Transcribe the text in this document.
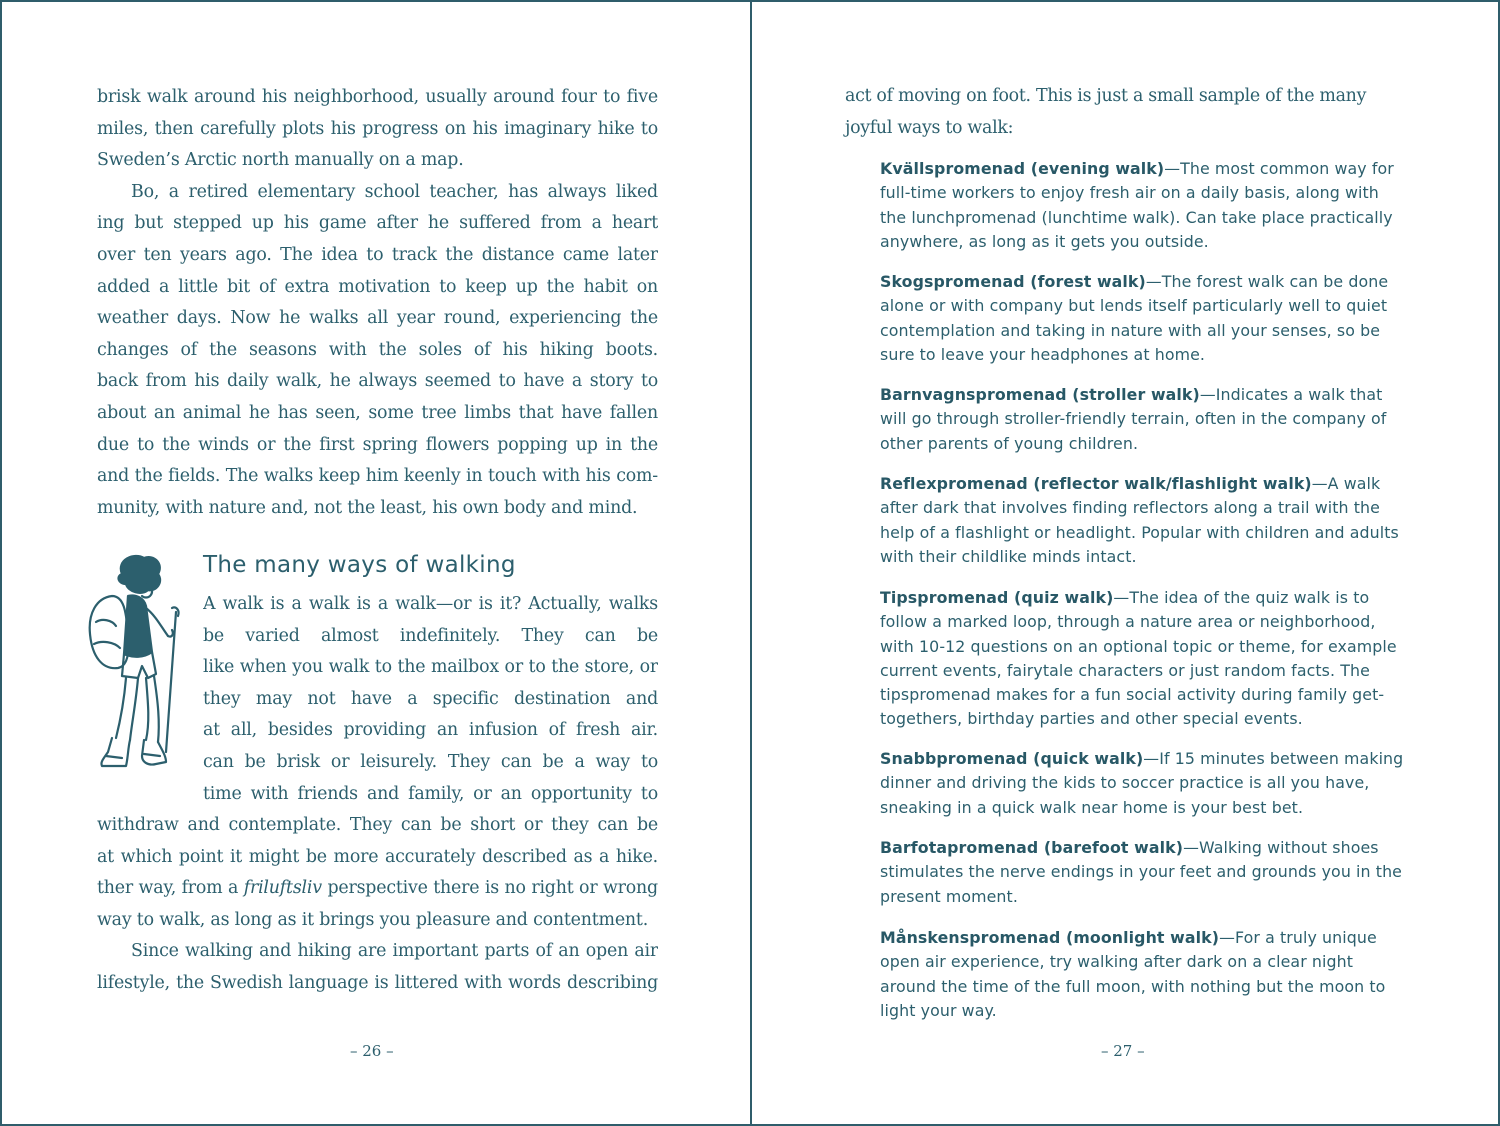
brisk walk around his neighborhood, usually around four to five
miles, then carefully plots his progress on his imaginary hike to
Sweden’s Arctic north manually on a map.
Bo, a retired elementary school teacher, has always liked
ing but stepped up his game after he suffered from a heart
over ten years ago. The idea to track the distance came later
added a little bit of extra motivation to keep up the habit on
weather days. Now he walks all year round, experiencing the
changes of the seasons with the soles of his hiking boots.
back from his daily walk, he always seemed to have a story to
about an animal he has seen, some tree limbs that have fallen
due to the winds or the first spring flowers popping up in the
and the fields. The walks keep him keenly in touch with his com-
munity, with nature and, not the least, his own body and mind.
A walk is a walk is a walk—or is it? Actually, walks
be varied almost indefinitely. They can be
like when you walk to the mailbox or to the store, or
they may not have a specific destination and
at all, besides providing an infusion of fresh air.
can be brisk or leisurely. They can be a way to
time with friends and family, or an opportunity to
withdraw and contemplate. They can be short or they can be
at which point it might be more accurately described as a hike.
ther way, from a friluftsliv perspective there is no right or wrong
way to walk, as long as it brings you pleasure and contentment.
Since walking and hiking are important parts of an open air
lifestyle, the Swedish language is littered with words describing
The many ways of walking
– 26 –
act of moving on foot. This is just a small sample of the many joyful ways to walk:
Kvällspromenad (evening walk)—The most common way for full-time workers to enjoy fresh air on a daily basis, along with the lunchpromenad (lunchtime walk). Can take place practically anywhere, as long as it gets you outside.
Skogspromenad (forest walk)—The forest walk can be done alone or with company but lends itself particularly well to quiet contemplation and taking in nature with all your senses, so be sure to leave your headphones at home.
Barnvagnspromenad (stroller walk)—Indicates a walk that will go through stroller-friendly terrain, often in the company of other parents of young children.
Reflexpromenad (reflector walk/flashlight walk)—A walk after dark that involves finding reflectors along a trail with the help of a flashlight or headlight. Popular with children and adults with their childlike minds intact.
Tipspromenad (quiz walk)—The idea of the quiz walk is to follow a marked loop, through a nature area or neighborhood, with 10-12 questions on an optional topic or theme, for example current events, fairytale characters or just random facts. The tipspromenad makes for a fun social activity during family get-togethers, birthday parties and other special events.
Snabbpromenad (quick walk)—If 15 minutes between making dinner and driving the kids to soccer practice is all you have, sneaking in a quick walk near home is your best bet.
Barfotapromenad (barefoot walk)—Walking without shoes stimulates the nerve endings in your feet and grounds you in the present moment.
Månskenspromenad (moonlight walk)—For a truly unique open air experience, try walking after dark on a clear night around the time of the full moon, with nothing but the moon to light your way.
– 27 –
